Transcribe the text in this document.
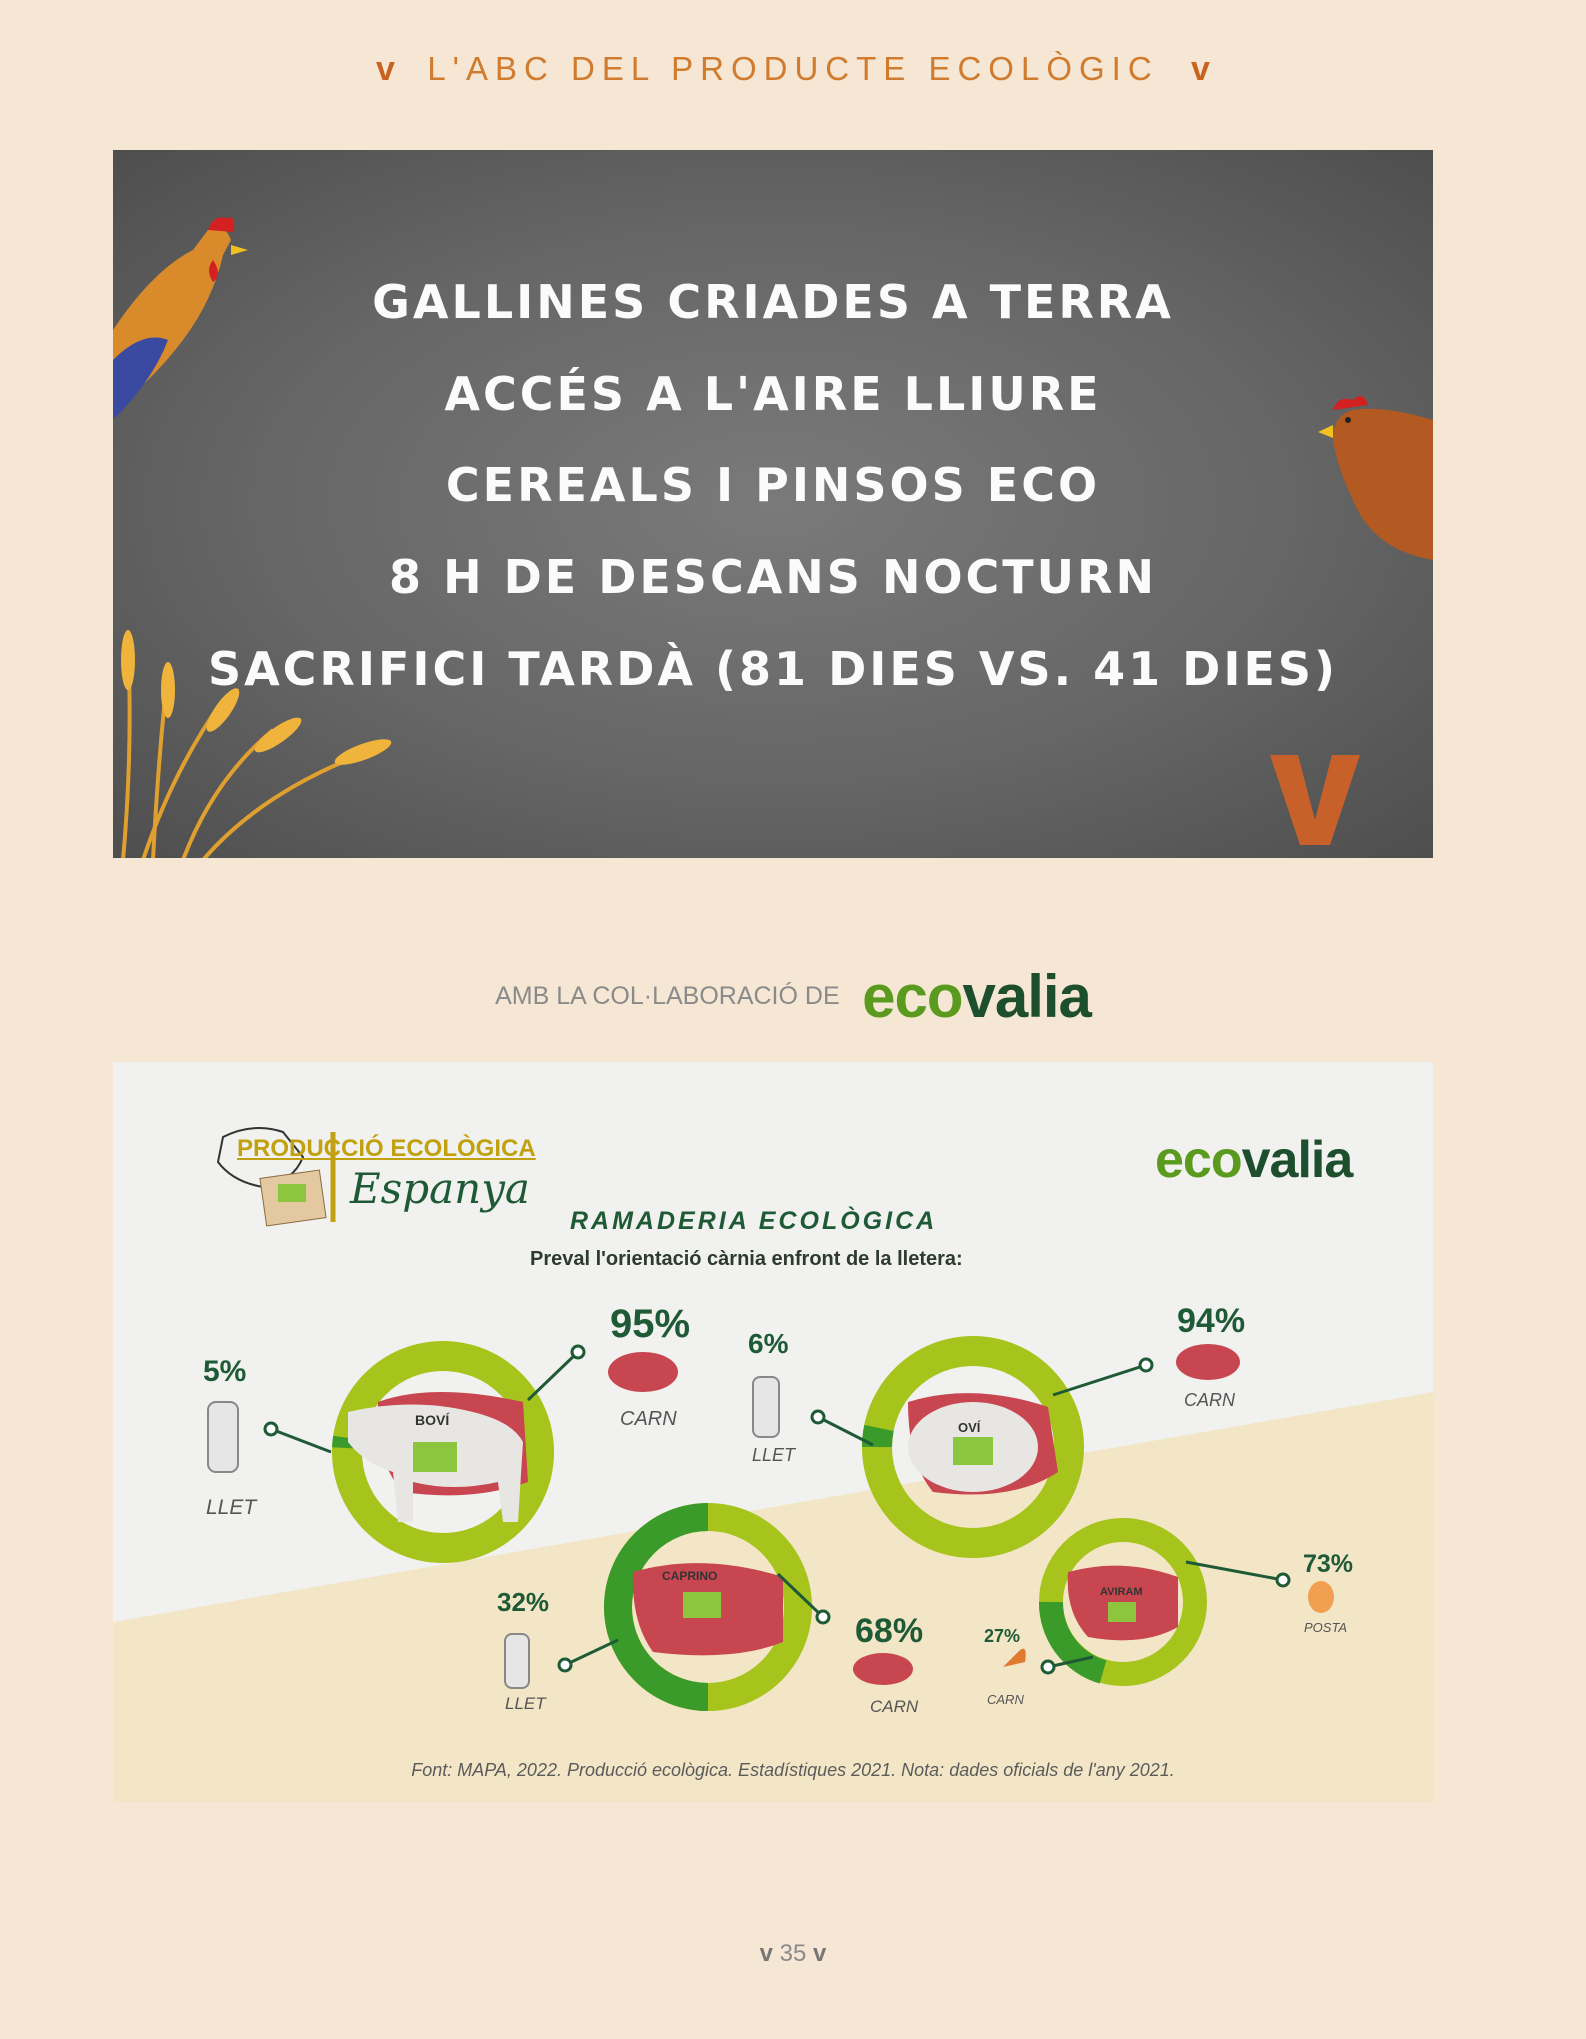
v L'ABC DEL PRODUCTE ECOLÒGIC v
GALLINES CRIADES A TERRA
ACCÉS A L'AIRE LLIURE
CEREALS I PINSOS ECO
8 H DE DESCANS NOCTURN
SACRIFICI TARDÀ (81 DIES VS. 41 DIES)
AMB LA COL·LABORACIÓ DE ecovalia
PRODUCCIÓ ECOLÒGICA
Espanya	ecovalia
RAMADERIA ECOLÒGICA
Preval l'orientació càrnia enfront de la lletera:
BOVÍ
5%
LLET
95%
CARN	OVÍ
6%
LLET
94%
CARN
CAPRINO
32%
LLET
68%
CARN
AVIRAM
27%
CARN
73%
POSTA
Font: MAPA, 2022. Producció ecològica. Estadístiques 2021. Nota: dades oficials de l'any 2021.
v 35 v
